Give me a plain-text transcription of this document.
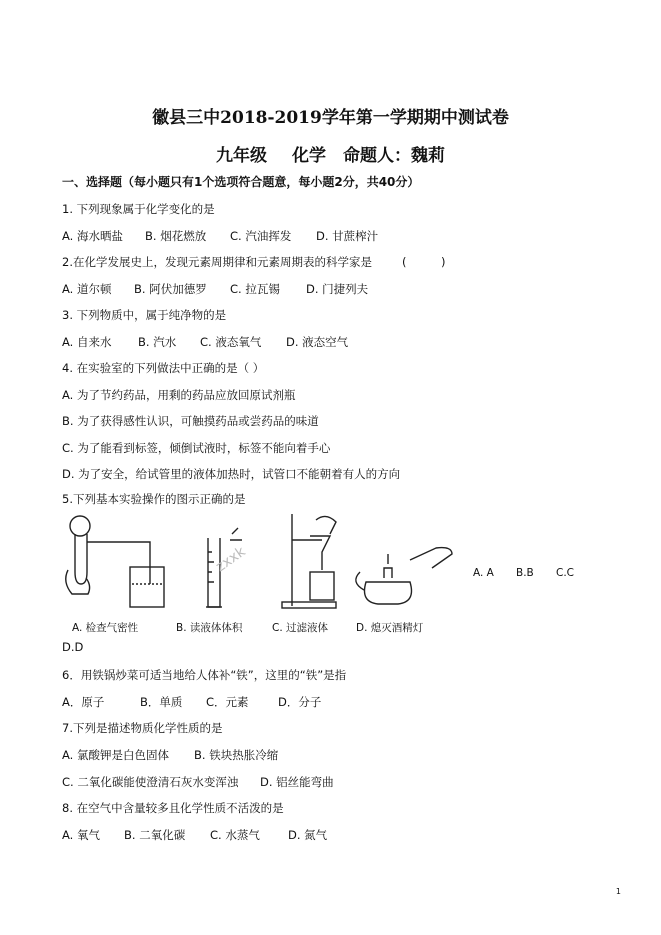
徽县三中2018-2019学年第一学期期中测试卷
九年级　 化学　命题人：魏莉
一、选择题（每小题只有1个选项符合题意，每小题2分，共40分）
1. 下列现象属于化学变化的是
A. 海水晒盐 B. 烟花燃放 C. 汽油挥发 D. 甘蔗榨汁
2.在化学发展史上，发现元素周期律和元素周期表的科学家是	(　　　)
A. 道尔顿 B. 阿伏加德罗 C. 拉瓦锡 D. 门捷列夫
3. 下列物质中，属于纯净物的是
A. 自来水 B. 汽水 C. 液态氧气 D. 液态空气
4. 在实验室的下列做法中正确的是（ ）
A. 为了节约药品，用剩的药品应放回原试剂瓶
B. 为了获得感性认识，可触摸药品或尝药品的味道
C. 为了能看到标签，倾倒试液时，标签不能向着手心
D. 为了安全，给试管里的液体加热时，试管口不能朝着有人的方向
5.下列基本实验操作的图示正确的是
zxxk
A. 检查气密性	B. 读液体体积	C. 过滤液体	D. 熄灭酒精灯
A. A B.B C.C
D.D
6．用铁锅炒菜可适当地给人体补“铁”，这里的“铁”是指
A．原子	B．单质 C．元素	D．分子
7.下列是描述物质化学性质的是
A. 氯酸钾是白色固体 B. 铁块热胀冷缩
C. 二氧化碳能使澄清石灰水变浑浊 D. 铝丝能弯曲
8. 在空气中含量较多且化学性质不活泼的是
A. 氧气 B. 二氧化碳 C. 水蒸气 D. 氮气
1
